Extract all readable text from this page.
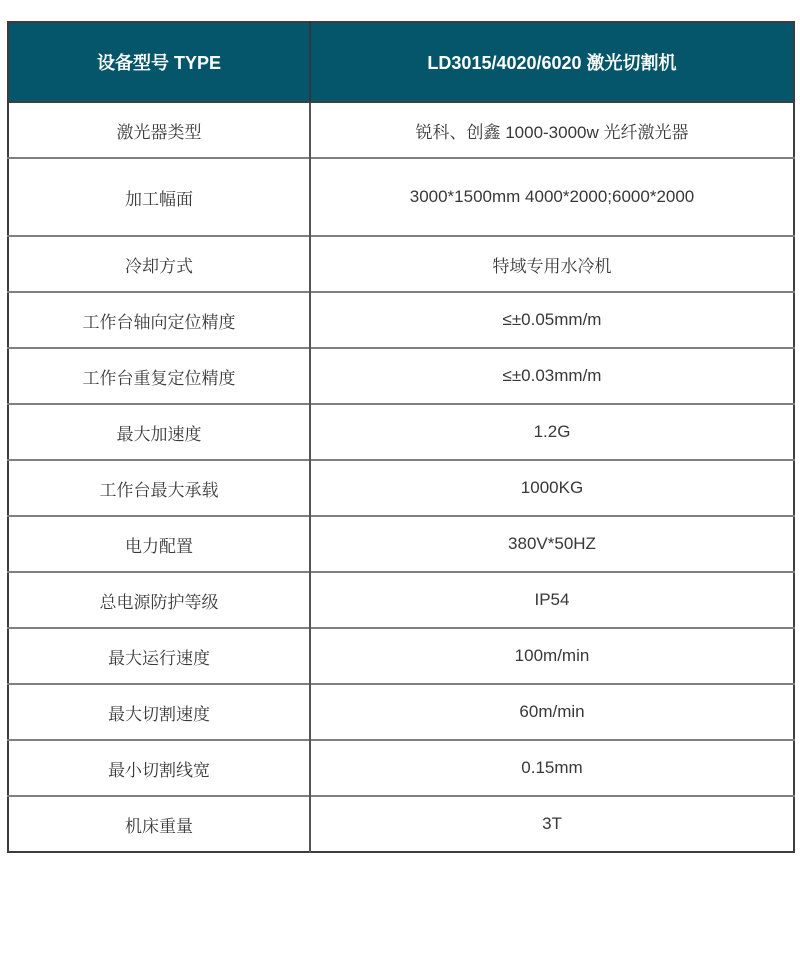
设备型号 TYPE	LD3015/4020/6020 激光切割机
激光器类型	锐科、创鑫 1000-3000w 光纤激光器
加工幅面	3000*1500mm 4000*2000;6000*2000
冷却方式	特域专用水冷机
工作台轴向定位精度	≤±0.05mm/m
工作台重复定位精度	≤±0.03mm/m
最大加速度	1.2G
工作台最大承载	1000KG
电力配置	380V*50HZ
总电源防护等级	IP54
最大运行速度	100m/min
最大切割速度	60m/min
最小切割线宽	0.15mm
机床重量	3T
